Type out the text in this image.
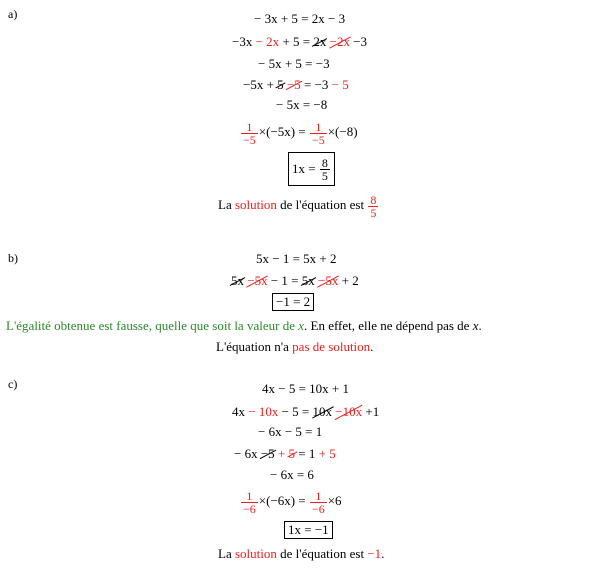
a)	− 3x + 5 = 2x − 3
−3x − 2x + 5 = 2x −2x −3
− 5x + 5 = −3
−5x + 5 −5 = −3 − 5
− 5x = −8
$\frac{1}{-5} \times(-5x) = \frac{1}{-5} \times(-8)$
1x =
$\frac{8}{5}$
La solution de l'équation est $\frac{8}{5}$
b)	5x − 1 = 5x + 2
5x −5x − 1 = 5x −5x + 2
−1 = 2
L'égalité obtenue est fausse, quelle que soit la valeur de x. En effet, elle ne dépend pas de x.
L'équation n'a pas de solution.
c)	4x − 5 = 10x + 1
4x − 10x − 5 = 10x −10x +1
− 6x − 5 = 1
− 6x −5 + 5 = 1 + 5
− 6x = 6
$\frac{1}{-6} \times(-6x) = \frac{1}{-6} \times 6$
1x = −1
La solution de l'équation est −1.
